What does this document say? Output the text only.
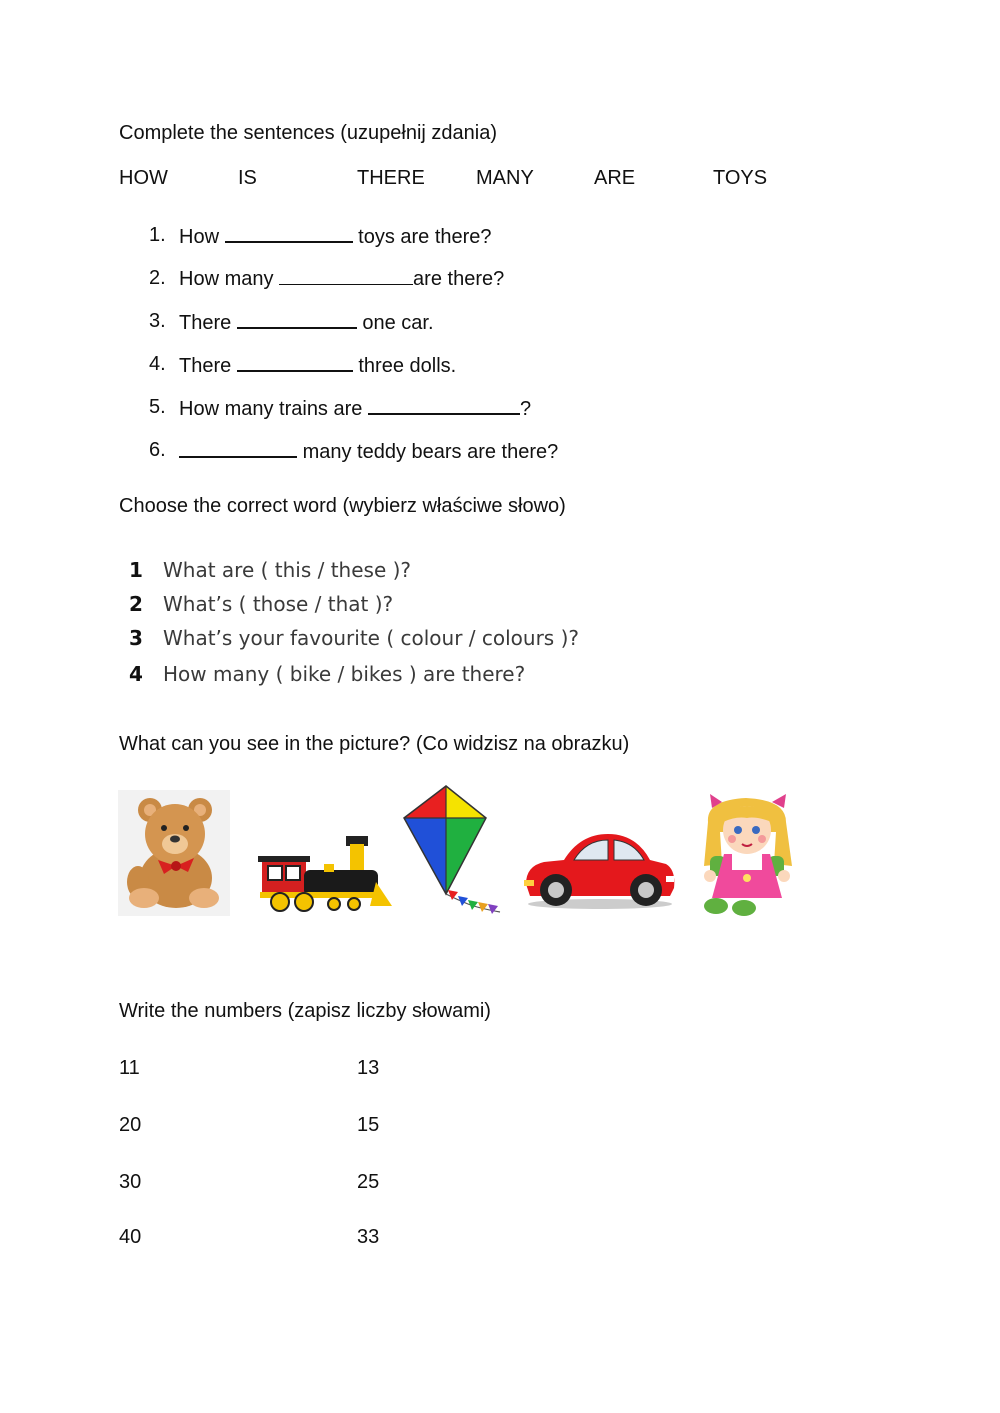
Complete the sentences (uzupełnij zdania)
HOW	IS	THERE	MANY	ARE	TOYS
1. How	toys are there?
2. How many	are there?
3. There	one car.
4. There	three dolls.
5. How many trains are	?
6.	many teddy bears are there?
Choose the correct word (wybierz właściwe słowo)
1 What are ( this / these )?
2 What’s ( those / that )?
3 What’s your favourite ( colour / colours )?
4 How many ( bike / bikes ) are there?
What can you see in the picture? (Co widzisz na obrazku)
Write the numbers (zapisz liczby słowami)
11	13
20	15
30	25
40	33
